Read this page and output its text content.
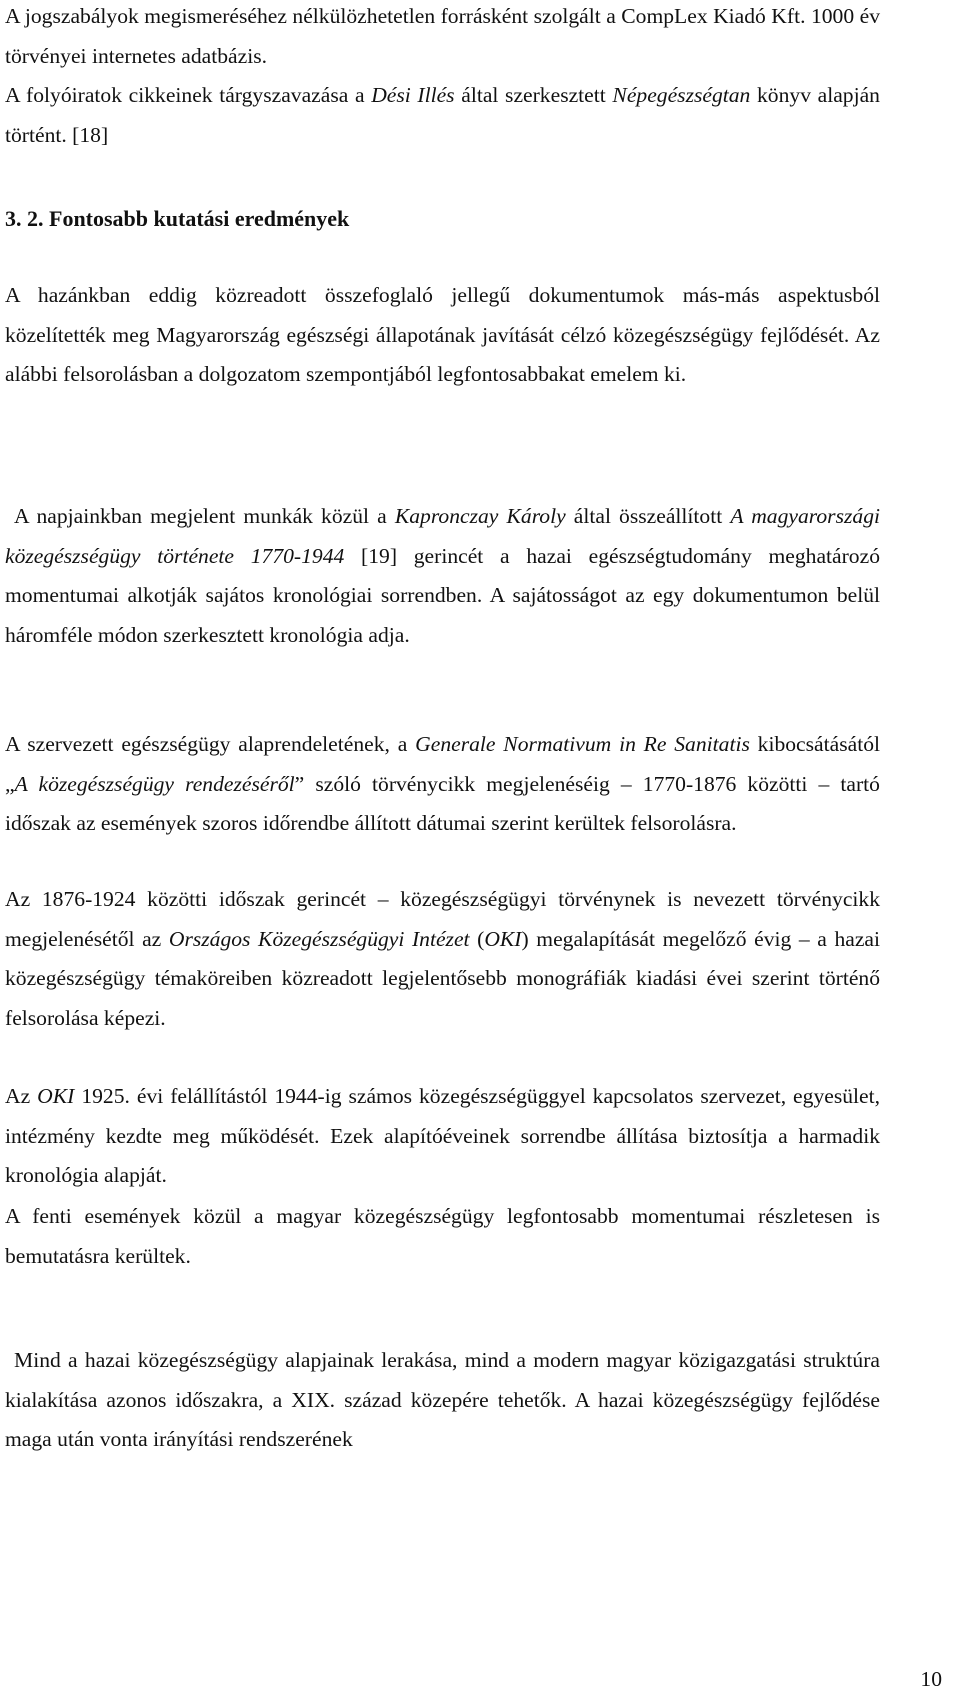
A jogszabályok megismeréséhez nélkülözhetetlen forrásként szolgált a CompLex Kiadó Kft. 1000 év törvényei internetes adatbázis.

A folyóiratok cikkeinek tárgyszavazása a Dési Illés által szerkesztett Népegészségtan könyv alapján történt. [18]

3. 2. Fontosabb kutatási eredmények

A hazánkban eddig közreadott összefoglaló jellegű dokumentumok más-más aspektusból közelítették meg Magyarország egészségi állapotának javítását célzó közegészségügy fejlődését. Az alábbi felsorolásban a dolgozatom szempontjából legfontosabbakat emelem ki.

A napjainkban megjelent munkák közül a Kapronczay Károly által összeállított A magyarországi közegészségügy története 1770-1944 [19] gerincét a hazai egészségtudomány meghatározó momentumai alkotják sajátos kronológiai sorrendben. A sajátosságot az egy dokumentumon belül háromféle módon szerkesztett kronológia adja.

A szervezett egészségügy alaprendeletének, a Generale Normativum in Re Sanitatis kibocsátásától „A közegészségügy rendezéséről” szóló törvénycikk megjelenéséig – 1770-1876 közötti – tartó időszak az események szoros időrendbe állított dátumai szerint kerültek felsorolásra.

Az 1876-1924 közötti időszak gerincét – közegészségügyi törvénynek is nevezett törvénycikk megjelenésétől az Országos Közegészségügyi Intézet (OKI) megalapítását megelőző évig – a hazai közegészségügy témaköreiben közreadott legjelentősebb monográfiák kiadási évei szerint történő felsorolása képezi.

Az OKI 1925. évi felállítástól 1944-ig számos közegészségüggyel kapcsolatos szervezet, egyesület, intézmény kezdte meg működését. Ezek alapítóéveinek sorrendbe állítása biztosítja a harmadik kronológia alapját.

A fenti események közül a magyar közegészségügy legfontosabb momentumai részletesen is bemutatásra kerültek.

Mind a hazai közegészségügy alapjainak lerakása, mind a modern magyar közigazgatási struktúra kialakítása azonos időszakra, a XIX. század közepére tehetők. A hazai közegészségügy fejlődése maga után vonta irányítási rendszerének

10
